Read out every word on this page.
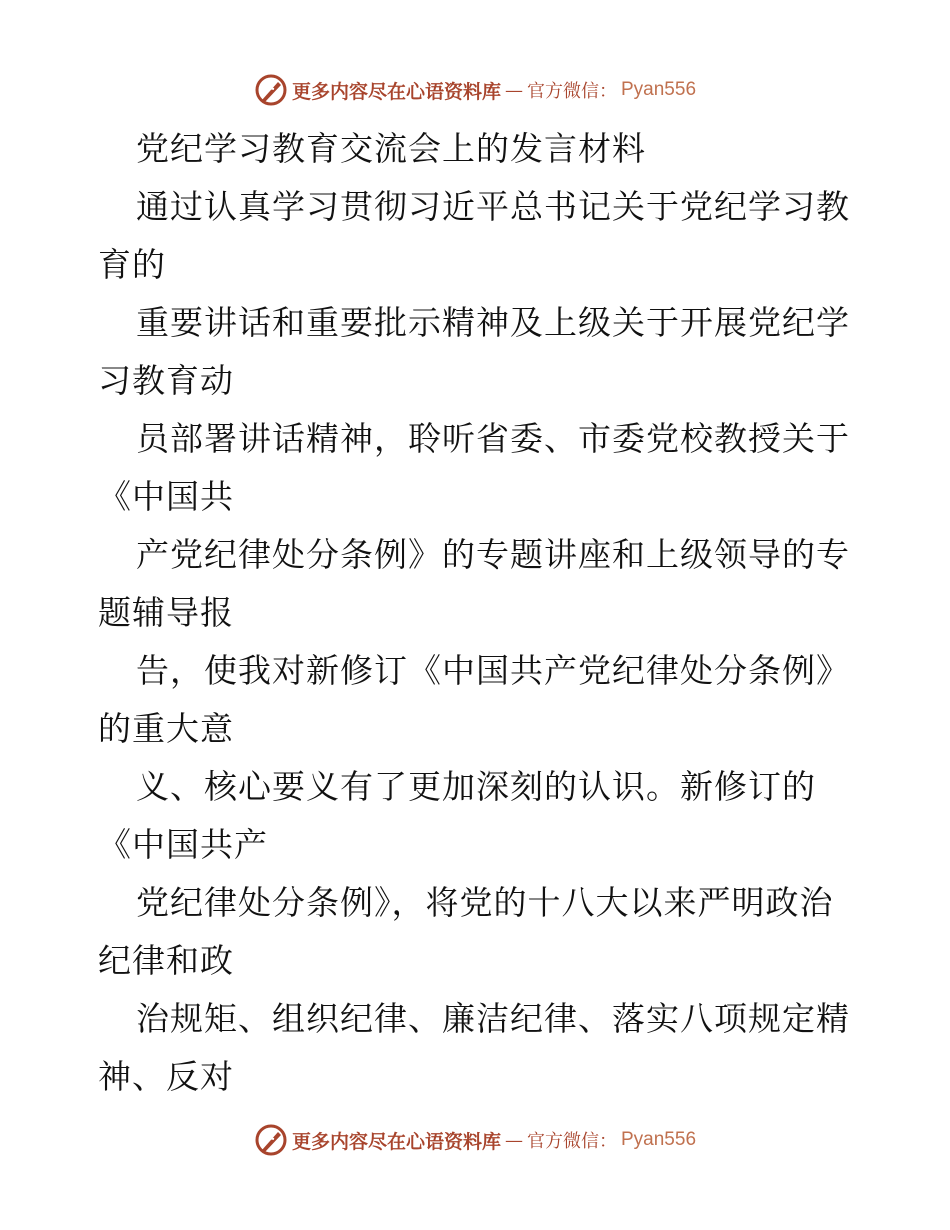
更多内容尽在心语资料库 — 官方微信： Pyan556
党纪学习教育交流会上的发言材料
通过认真学习贯彻习近平总书记关于党纪学习教
育的
重要讲话和重要批示精神及上级关于开展党纪学
习教育动
员部署讲话精神，聆听省委、市委党校教授关于
《中国共
产党纪律处分条例》的专题讲座和上级领导的专
题辅导报
告，使我对新修订《中国共产党纪律处分条例》
的重大意
义、核心要义有了更加深刻的认识。新修订的
《中国共产
党纪律处分条例》，将党的十八大以来严明政治
纪律和政
治规矩、组织纪律、廉洁纪律、落实八项规定精
神、反对
更多内容尽在心语资料库 — 官方微信： Pyan556
